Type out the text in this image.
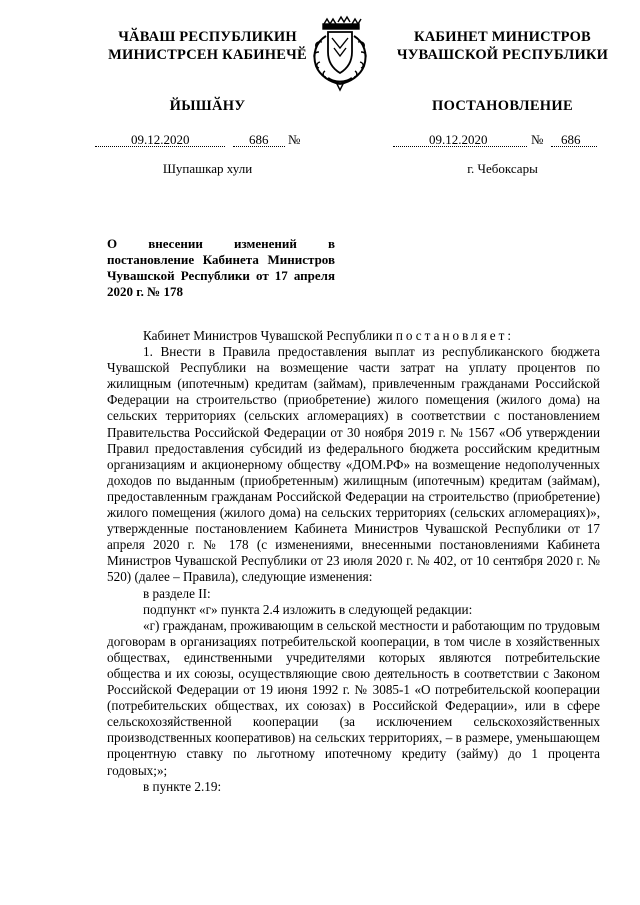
ЧӐВАШ РЕСПУБЛИКИН
МИНИСТРСЕН КАБИНЕЧӖ
ЙЫШӐНУ
КАБИНЕТ МИНИСТРОВ
ЧУВАШСКОЙ РЕСПУБЛИКИ
ПОСТАНОВЛЕНИЕ
09.12.2020	686 №	09.12.2020	№ 686
Шупашкар хули	г. Чебоксары
О внесении изменений в постановление Кабинета Министров Чувашской Республики от 17 апреля 2020 г. № 178

Кабинет Министров Чувашской Республики постановляет:

1. Внести в Правила предоставления выплат из республиканского бюджета Чувашской Республики на возмещение части затрат на уплату процентов по жилищным (ипотечным) кредитам (займам), привлеченным гражданами Российской Федерации на строительство (приобретение) жилого помещения (жилого дома) на сельских территориях (сельских агломерациях) в соответствии с постановлением Правительства Российской Федерации от 30 ноября 2019 г. № 1567 «Об утверждении Правил предоставления субсидий из федерального бюджета российским кредитным организациям и акционерному обществу «ДОМ.РФ» на возмещение недополученных доходов по выданным (приобретенным) жилищным (ипотечным) кредитам (займам), предоставленным гражданам Российской Федерации на строительство (приобретение) жилого помещения (жилого дома) на сельских территориях (сельских агломерациях)», утвержденные постановлением Кабинета Министров Чувашской Республики от 17 апреля 2020 г. № 178 (с изменениями, внесенными постановлениями Кабинета Министров Чувашской Республики от 23 июля 2020 г. № 402, от 10 сентября 2020 г. № 520) (далее – Правила), следующие изменения:

в разделе II:

подпункт «г» пункта 2.4 изложить в следующей редакции:

«г) гражданам, проживающим в сельской местности и работающим по трудовым договорам в организациях потребительской кооперации, в том числе в хозяйственных обществах, единственными учредителями которых являются потребительские общества и их союзы, осуществляющие свою деятельность в соответствии с Законом Российской Федерации от 19 июня 1992 г. № 3085-1 «О потребительской кооперации (потребительских обществах, их союзах) в Российской Федерации», или в сфере сельскохозяйственной кооперации (за исключением сельскохозяйственных производственных кооперативов) на сельских территориях, – в размере, уменьшающем процентную ставку по льготному ипотечному кредиту (займу) до 1 процента годовых;»;

в пункте 2.19:
